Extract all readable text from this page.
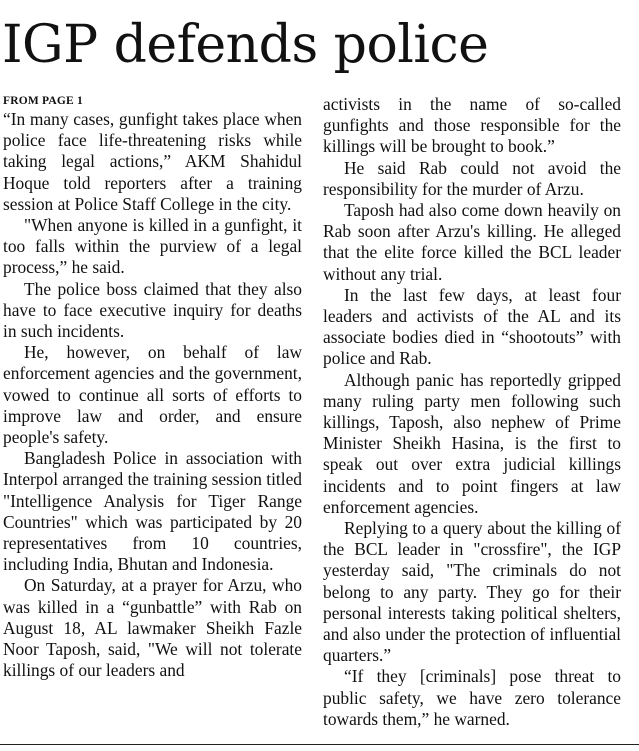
IGP defends police
FROM PAGE 1

“In many cases, gunfight takes place when police face life-threatening risks while taking legal actions,” AKM Shahidul Hoque told reporters after a training session at Police Staff College in the city.

"When anyone is killed in a gunfight, it too falls within the purview of a legal process,” he said.

The police boss claimed that they also have to face executive inquiry for deaths in such incidents.

He, however, on behalf of law enforcement agencies and the government, vowed to continue all sorts of efforts to improve law and order, and ensure people's safety.

Bangladesh Police in association with Interpol arranged the training session titled "Intelligence Analysis for Tiger Range Countries" which was participated by 20 representatives from 10 countries, including India, Bhutan and Indonesia.

On Saturday, at a prayer for Arzu, who was killed in a “gunbattle” with Rab on August 18, AL lawmaker Sheikh Fazle Noor Taposh, said, "We will not tolerate killings of our leaders and

activists in the name of so-called gunfights and those responsible for the killings will be brought to book.”

He said Rab could not avoid the responsibility for the murder of Arzu.

Taposh had also come down heavily on Rab soon after Arzu's killing. He alleged that the elite force killed the BCL leader without any trial.

In the last few days, at least four leaders and activists of the AL and its associate bodies died in “shootouts” with police and Rab.

Although panic has reportedly gripped many ruling party men following such killings, Taposh, also nephew of Prime Minister Sheikh Hasina, is the first to speak out over extra judicial killings incidents and to point fingers at law enforcement agencies.

Replying to a query about the killing of the BCL leader in "crossfire", the IGP yesterday said, "The criminals do not belong to any party. They go for their personal interests taking political shelters, and also under the protection of influential quarters.”

“If they [criminals] pose threat to public safety, we have zero tolerance towards them,” he warned.
